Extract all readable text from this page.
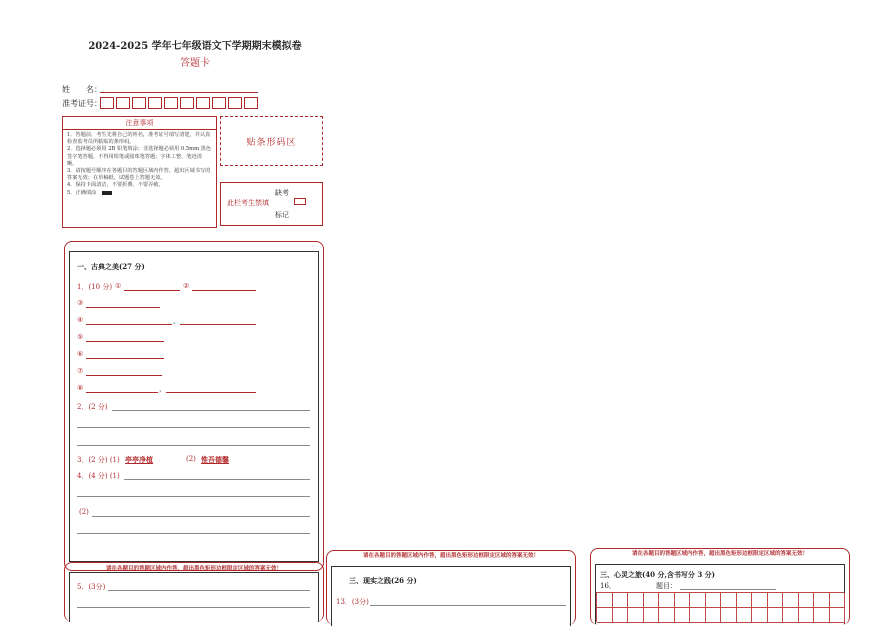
2024-2025 学年七年级语文下学期期末模拟卷
答题卡
姓　　名：
准考证号：
注意事项
1．答题前，考生先将自己的姓名，准考证号填写清楚，并认真检查监考员所粘贴的条形码。
2．选择题必须用 2B 铅笔填涂；非选择题必须用 0.5mm 黑色签字笔答题，不得用铅笔或圆珠笔答题；字体工整、笔迹清晰。
3．请按题号顺序在各题目的答题区域内作答，超出区域书写的答案无效；在草稿纸、试题卷上答题无效。
4．保持卡面清洁，不要折叠、不要弄破。
5．正确填涂
贴条形码区
缺考
此栏考生禁填
标记
一、古典之美(27 分)
1．(10 分) ①	②
③
④	，
⑤
⑥
⑦
⑧	，
2．(2 分)
3．(2 分) (1) 亭亭净植	(2) 惟吾德馨
4．(4 分) (1)
(2)
请在各题目的答题区域内作答，超出黑色矩形边框限定区域的答案无效！
5．(3分)
请在各题目的答题区域内作答，超出黑色矩形边框限定区域的答案无效！
三、现实之践(26 分)
13．(3分)
请在各题目的答题区域内作答，超出黑色矩形边框限定区域的答案无效！
三、心灵之旅(40 分,含书写分 3 分)
16．	题目：
